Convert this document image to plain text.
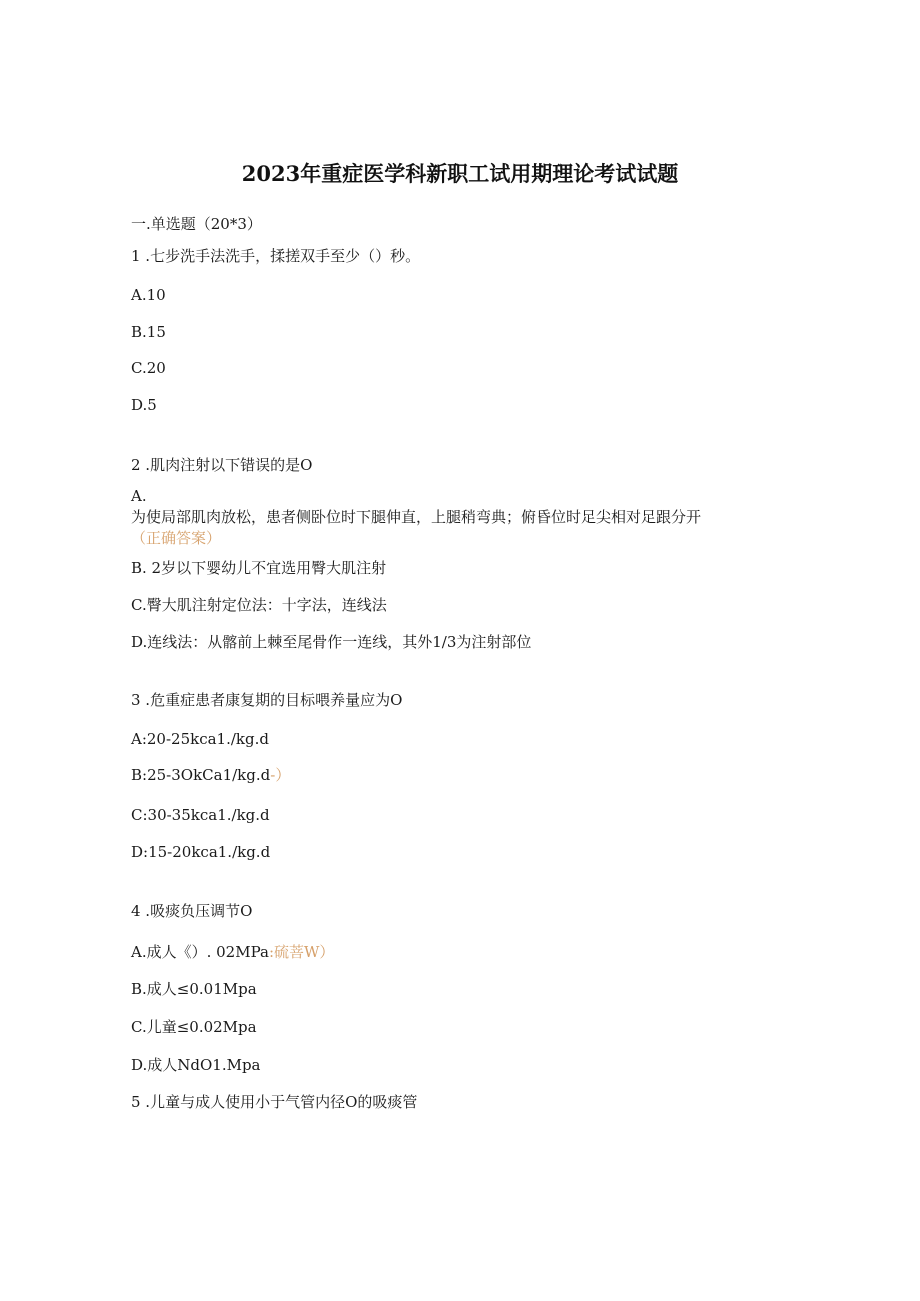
2023年重症医学科新职工试用期理论考试试题
一.单选题（20*3）
1 .七步洗手法洗手，揉搓双手至少（）秒。
A.10
B.15
C.20
D.5
2 .肌肉注射以下错误的是O
A.
为使局部肌肉放松，患者侧卧位时下腿伸直，上腿稍弯典；俯昏位时足尖相对足跟分开
（正确答案）
B. 2岁以下婴幼儿不宜选用臀大肌注射
C.臀大肌注射定位法：十字法，连线法
D.连线法：从髂前上棘至尾骨作一连线，其外1/3为注射部位
3 .危重症患者康复期的目标喂养量应为O
A:20-25kca1./kg.d
B:25-3OkCa1/kg.d-）
C:30-35kca1./kg.d
D:15-20kca1./kg.d
4 .吸痰负压调节O
A.成人《）. 02MPa:硫菩W）
B.成人≤0.01Mpa
C.儿童≤0.02Mpa
D.成人NdO1.Mpa
5 .儿童与成人使用小于气管内径O的吸痰管
